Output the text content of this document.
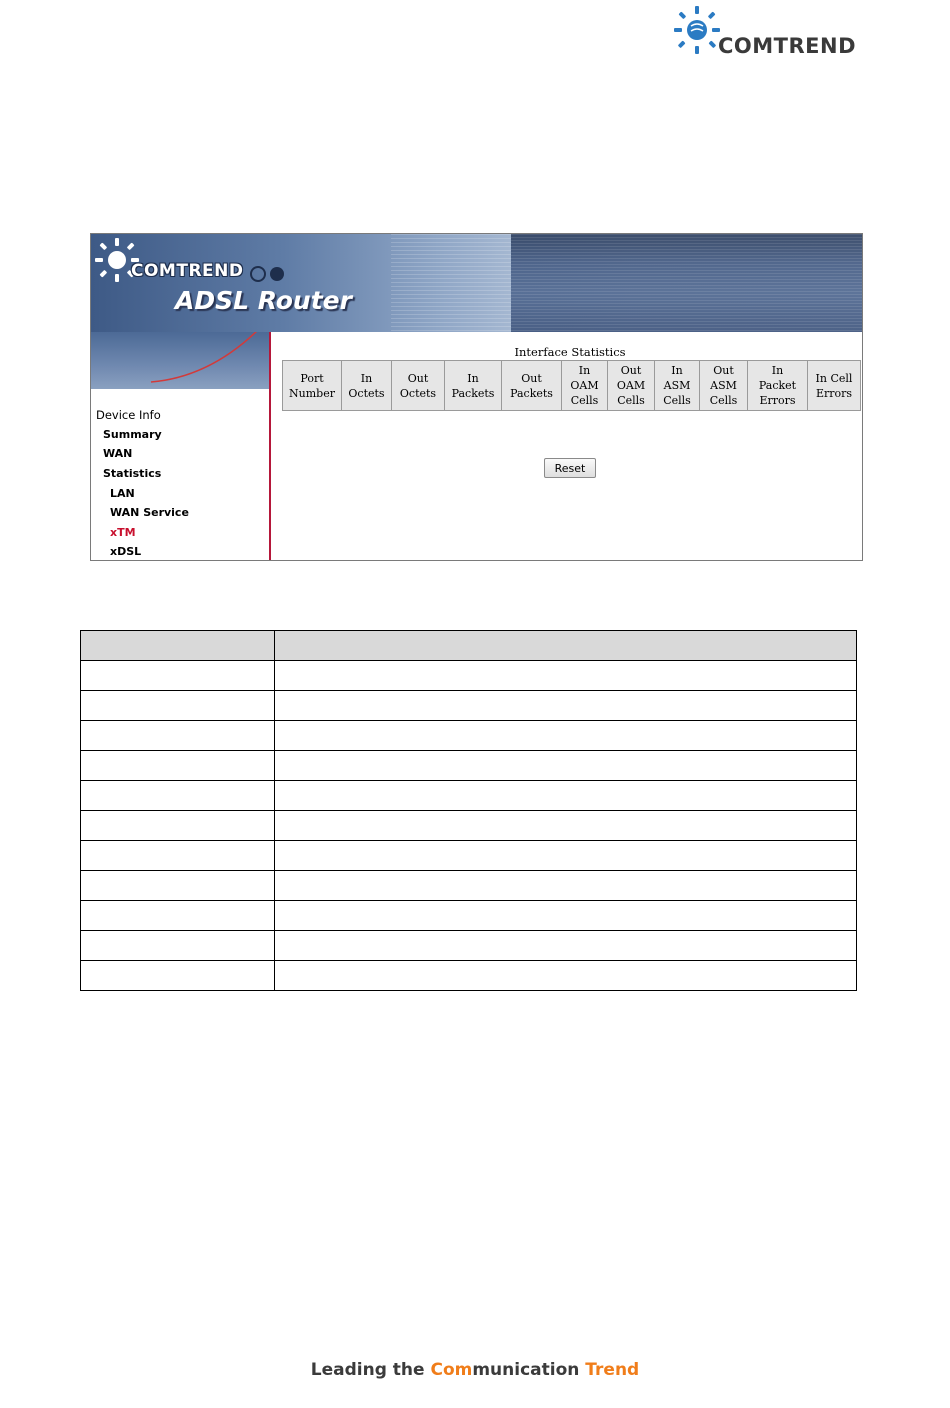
COMTREND
COMTREND
ADSL Router
Device Info
Summary
WAN
Statistics
LAN
WAN Service
xTM
xDSL
Interface Statistics
Port
Number

In
Octets

Out
Octets

In
Packets

Out
Packets

In
OAM
Cells

Out
OAM
Cells

In
ASM
Cells

Out
ASM
Cells

In
Packet
Errors

In Cell
Errors
Reset

Leading the Communication Trend
